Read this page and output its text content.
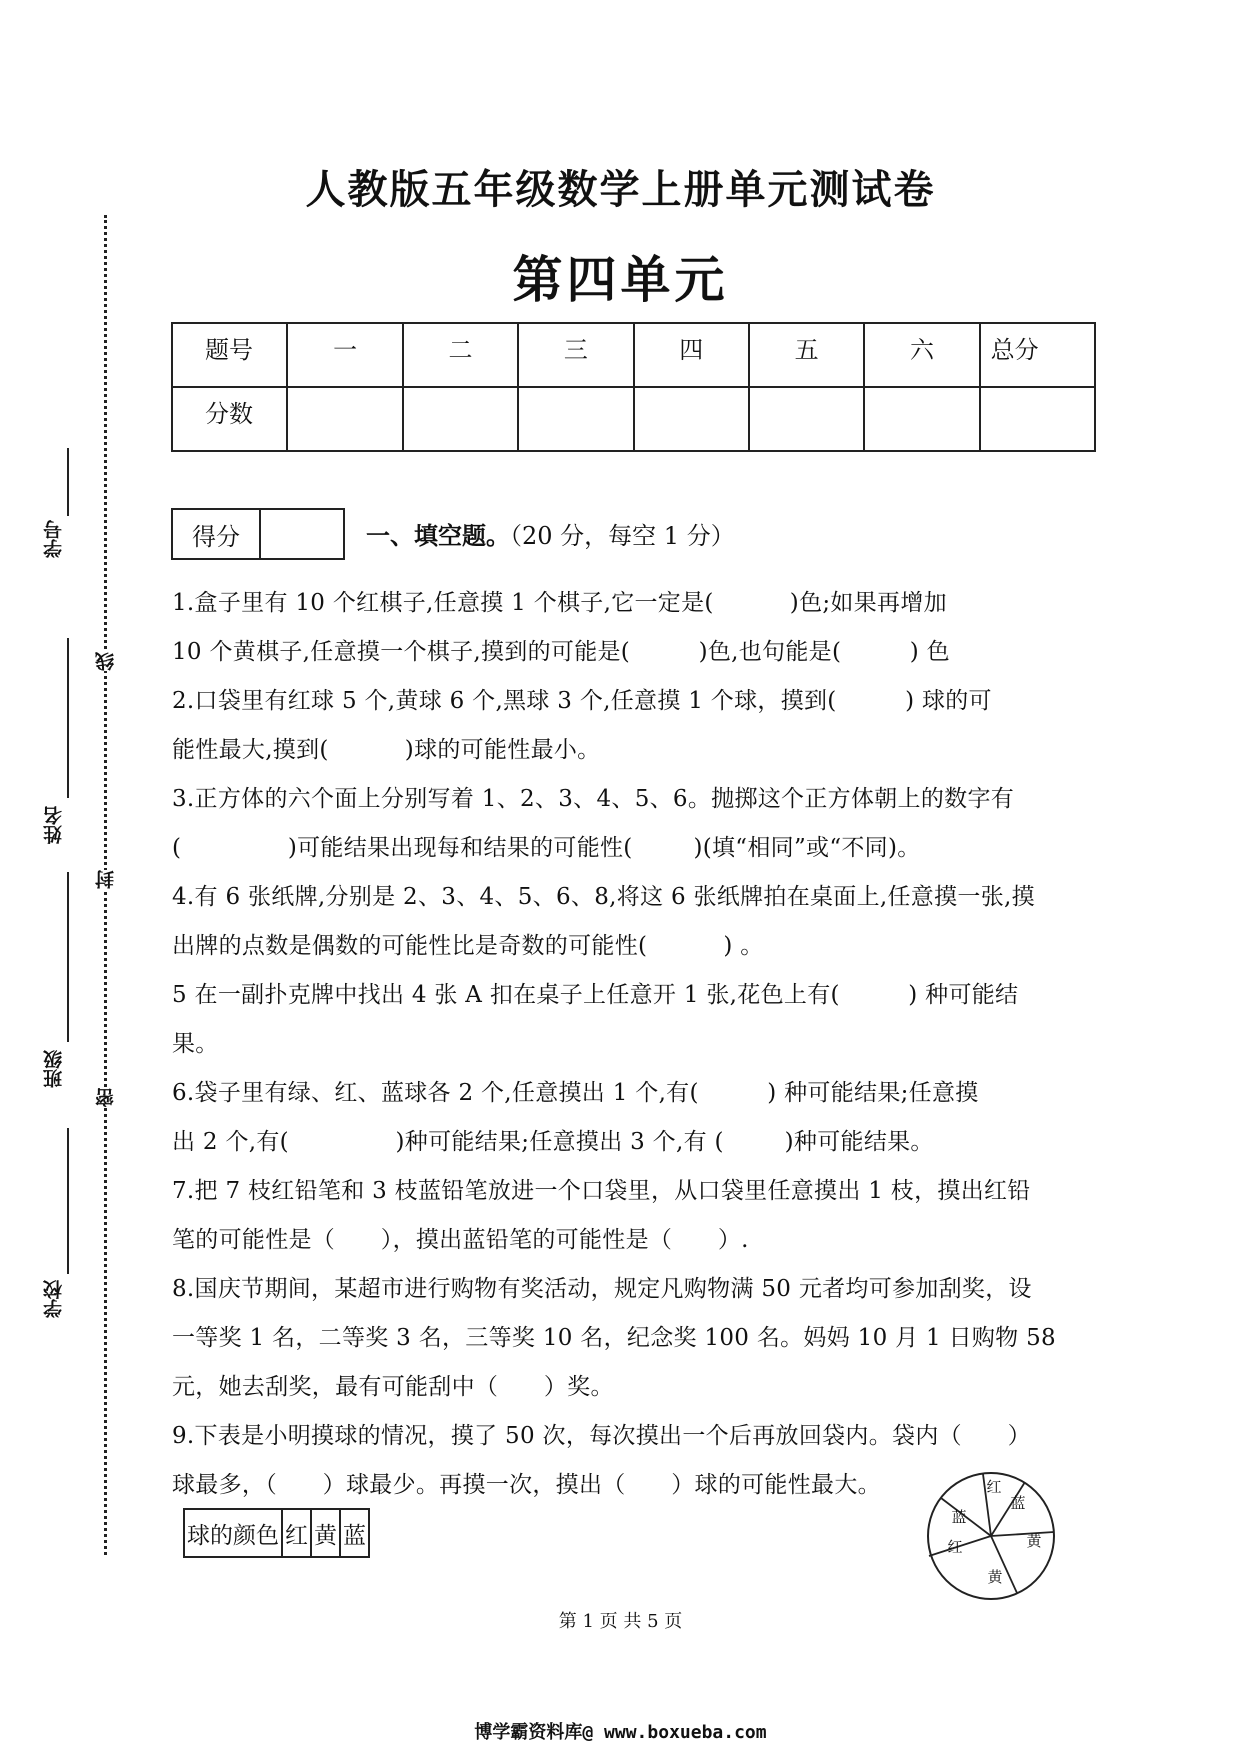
人教版五年级数学上册单元测试卷
第四单元
题号	一	二	三	四	五	六	总分
分数							
学号
姓名
班级
学校
线
封
密
得分	一、填空题。（20 分，每空 1 分）
1.盒子里有 10 个红棋子,任意摸 1 个棋子,它一定是(          )色;如果再增加
10 个黄棋子,任意摸一个棋子,摸到的可能是(         )色,也句能是(         ) 色
2.口袋里有红球 5 个,黄球 6 个,黑球 3 个,任意摸 1 个球，摸到(         ) 球的可
能性最大,摸到(          )球的可能性最小。
3.正方体的六个面上分别写着 1、2、3、4、5、6。抛掷这个正方体朝上的数字有
(              )可能结果出现每和结果的可能性(        )(填“相同”或“不同)。
4.有 6 张纸牌,分别是 2、3、4、5、6、8,将这 6 张纸牌拍在桌面上,任意摸一张,摸
出牌的点数是偶数的可能性比是奇数的可能性(          ) 。
5 在一副扑克牌中找出 4 张 A 扣在桌子上任意开 1 张,花色上有(         ) 种可能结
果。
6.袋子里有绿、红、蓝球各 2 个,任意摸出 1 个,有(         ) 种可能结果;任意摸
出 2 个,有(              )种可能结果;任意摸出 3 个,有 (        )种可能结果。
7.把 7 枝红铅笔和 3 枝蓝铅笔放进一个口袋里，从口袋里任意摸出 1 枝，摸出红铅
笔的可能性是（      ），摸出蓝铅笔的可能性是（      ）.
8.国庆节期间，某超市进行购物有奖活动，规定凡购物满 50 元者均可参加刮奖，设
一等奖 1 名，二等奖 3 名，三等奖 10 名，纪念奖 100 名。妈妈 10 月 1 日购物 58
元，她去刮奖，最有可能刮中（      ）奖。
9.下表是小明摸球的情况，摸了 50 次，每次摸出一个后再放回袋内。袋内（      ）
球最多，（      ）球最少。再摸一次，摸出（      ）球的可能性最大。
球的颜色	红	黄	蓝
红
蓝
黄
黄
红
蓝
第 1 页 共 5 页
博学霸资料库@ www.boxueba.com
